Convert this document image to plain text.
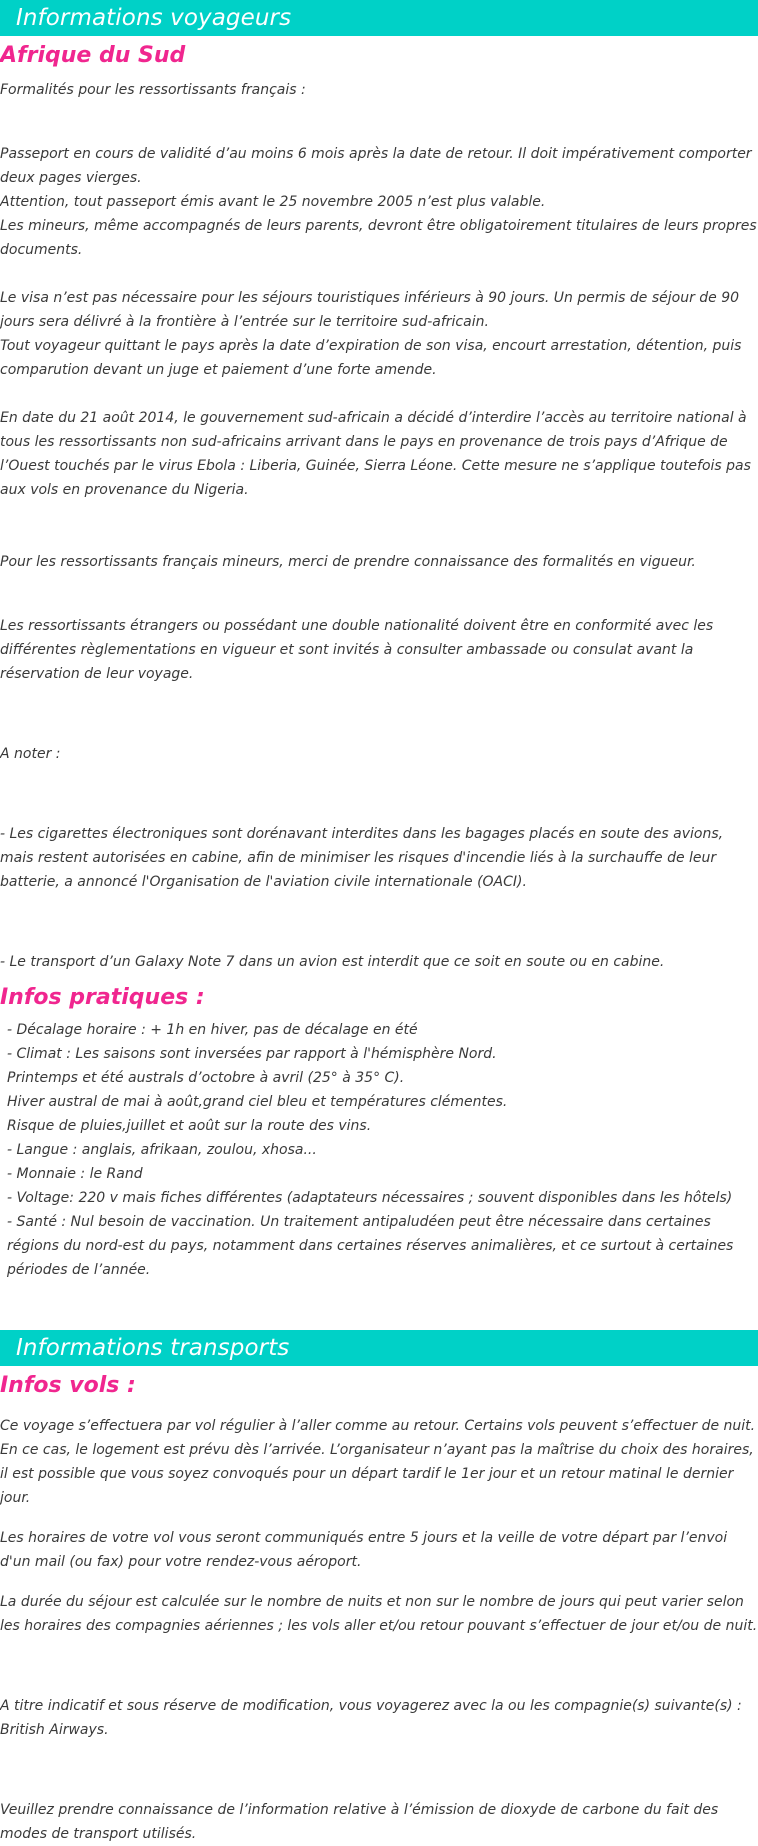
Informations voyageurs
Afrique du Sud

Formalités pour les ressortissants français :

Passeport en cours de validité d’au moins 6 mois après la date de retour. Il doit impérativement comporter deux pages vierges.

Attention, tout passeport émis avant le 25 novembre 2005 n’est plus valable.

Les mineurs, même accompagnés de leurs parents, devront être obligatoirement titulaires de leurs propres documents.

Le visa n’est pas nécessaire pour les séjours touristiques inférieurs à 90 jours. Un permis de séjour de 90 jours sera délivré à la frontière à l’entrée sur le territoire sud-africain.

Tout voyageur quittant le pays après la date d’expiration de son visa, encourt arrestation, détention, puis comparution devant un juge et paiement d’une forte amende.

En date du 21 août 2014, le gouvernement sud-africain a décidé d’interdire l’accès au territoire national à tous les ressortissants non sud-africains arrivant dans le pays en provenance de trois pays d’Afrique de l’Ouest touchés par le virus Ebola : Liberia, Guinée, Sierra Léone. Cette mesure ne s’applique toutefois pas aux vols en provenance du Nigeria.

Pour les ressortissants français mineurs, merci de prendre connaissance des formalités en vigueur.

Les ressortissants étrangers ou possédant une double nationalité doivent être en conformité avec les différentes règlementations en vigueur et sont invités à consulter ambassade ou consulat avant la réservation de leur voyage.

A noter :

- Les cigarettes électroniques sont dorénavant interdites dans les bagages placés en soute des avions, mais restent autorisées en cabine, afin de minimiser les risques d'incendie liés à la surchauffe de leur batterie, a annoncé l'Organisation de l'aviation civile internationale (OACI).

- Le transport d’un Galaxy Note 7 dans un avion est interdit que ce soit en soute ou en cabine.

Infos pratiques :

- Décalage horaire : + 1h en hiver, pas de décalage en été

- Climat : Les saisons sont inversées par rapport à l'hémisphère Nord.

Printemps et été australs d’octobre à avril (25° à 35° C).

Hiver austral de mai à août,grand ciel bleu et températures clémentes.

Risque de pluies,juillet et août sur la route des vins.

- Langue : anglais, afrikaan, zoulou, xhosa...

- Monnaie : le Rand

- Voltage: 220 v mais fiches différentes (adaptateurs nécessaires ; souvent disponibles dans les hôtels)

- Santé : Nul besoin de vaccination. Un traitement antipaludéen peut être nécessaire dans certaines régions du nord-est du pays, notamment dans certaines réserves animalières, et ce surtout à certaines périodes de l’année.

Informations transports
Infos vols :

Ce voyage s’effectuera par vol régulier à l’aller comme au retour. Certains vols peuvent s’effectuer de nuit. En ce cas, le logement est prévu dès l’arrivée. L’organisateur n’ayant pas la maîtrise du choix des horaires, il est possible que vous soyez convoqués pour un départ tardif le 1er jour et un retour matinal le dernier jour.

Les horaires de votre vol vous seront communiqués entre 5 jours et la veille de votre départ par l’envoi d'un mail (ou fax) pour votre rendez-vous aéroport.

La durée du séjour est calculée sur le nombre de nuits et non sur le nombre de jours qui peut varier selon les horaires des compagnies aériennes ; les vols aller et/ou retour pouvant s’effectuer de jour et/ou de nuit.

A titre indicatif et sous réserve de modification, vous voyagerez avec la ou les compagnie(s) suivante(s) : British Airways.

Veuillez prendre connaissance de l’information relative à l’émission de dioxyde de carbone du fait des modes de transport utilisés.
